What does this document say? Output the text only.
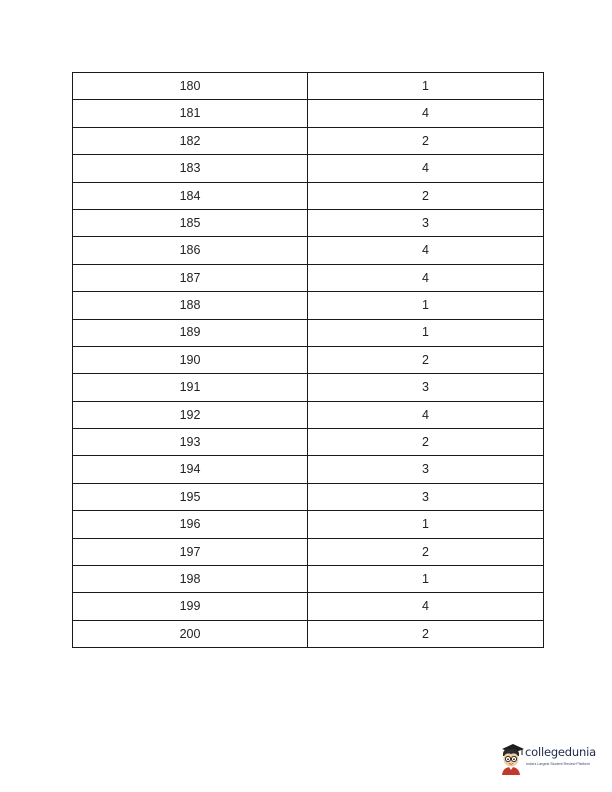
180	1
181	4
182	2
183	4
184	2
185	3
186	4
187	4
188	1
189	1
190	2
191	3
192	4
193	2
194	3
195	3
196	1
197	2
198	1
199	4
200	2
collegedunia
India's Largest Student Review Platform
